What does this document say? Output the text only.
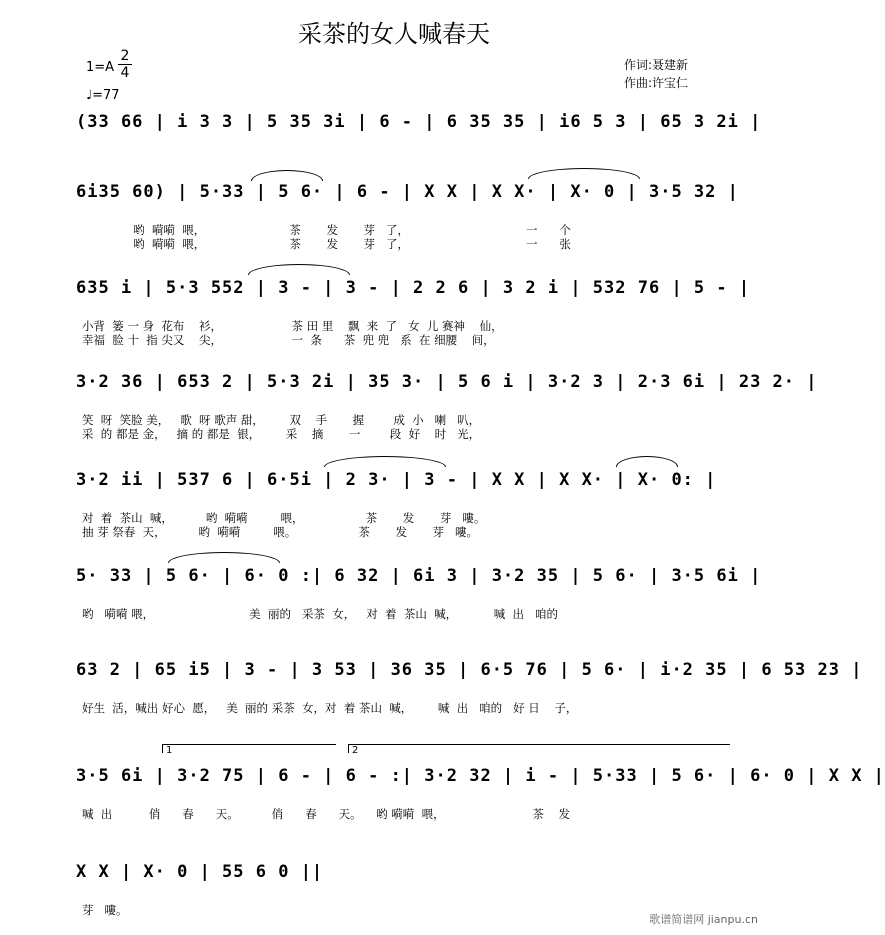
采茶的女人喊春天
1=A
2
4
♩=77
作词:聂建新
作曲:许宝仁
(33 66 | i 3 3 | 5 35 3i | 6 - | 6 35 35 | i6 5 3 | 65 3 2i |
6i35 60) | 5·33 | 5 6· | 6 - | X X | X X· | X· 0 | 3·5 32 |
哟  嗬嗬  喂，                       茶       发       芽   了，                                一      个
哟  嗬嗬  喂，                       茶       发       芽   了，                                一      张
635 i | 5·3 552 | 3 - | 3 - | 2 2 6 | 3 2 i | 532 76 | 5 - |
小背  篓 一 身  花布    衫，                   茶 田 里    飘  来  了   女  儿 赛神    仙，
幸福  脸 十  指 尖又    尖，                   一  条      茶  兜 兜   系  在 细腰    间，
3·2 36 | 653 2 | 5·3 2i | 35 3· | 5 6 i | 3·2 3 | 2·3 6i | 23 2· |
笑  呀  笑脸 美，   歌  呀 歌声 甜，       双    手       握        成  小   喇   叭，
采  的 都是 金，   摘 的 都是  银，       采    摘       一        段  好    时   光，
3·2 ii | 537 6 | 6·5i | 2 3· | 3 - | X X | X X· | X· 0: |
对  着  茶山  喊，         哟  嗬嗬         喂，                 茶       发       芽   嘍。
抽 芽 祭春  天，         哟  嗬嗬         喂。                 茶       发       芽   嘍。
5· 33 | 5 6· | 6· 0 :| 6 32 | 6i 3 | 3·2 35 | 5 6· | 3·5 6i |
哟   嗬嗬 喂，                          美  丽的   采茶  女，   对  着  茶山  喊，          喊  出   咱的
63 2 | 65 i5 | 3 - | 3 53 | 36 35 | 6·5 76 | 5 6· | i·2 35 | 6 53 23 |
好生  活，喊出 好心  愿，   美  丽的 采茶  女，对  着 茶山  喊，       喊  出   咱的   好 日    子，
1	2
3·5 6i | 3·2 75 | 6 - | 6 - :| 3·2 32 | i - | 5·33 | 5 6· | 6· 0 | X X |
喊  出          俏      春      天。         俏      春      天。    哟 嗬嗬  喂，                        茶    发
X X | X· 0 | 55 6 0 ||
芽   嘍。
歌谱简谱网 jianpu.cn
